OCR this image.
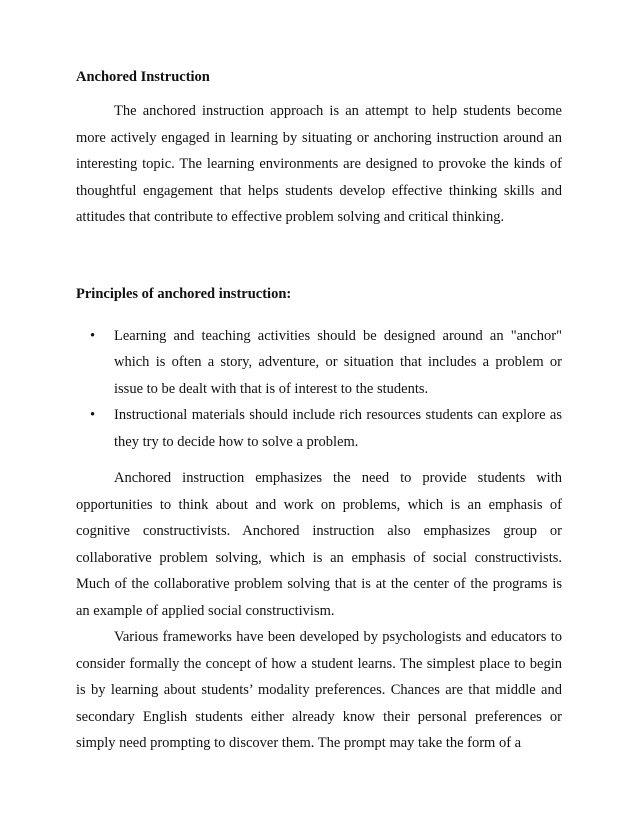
Anchored Instruction

The anchored instruction approach is an attempt to help students become more actively engaged in learning by situating or anchoring instruction around an interesting topic. The learning environments are designed to provoke the kinds of thoughtful engagement that helps students develop effective thinking skills and attitudes that contribute to effective problem solving and critical thinking.

Principles of anchored instruction:

• Learning and teaching activities should be designed around an "anchor" which is often a story, adventure, or situation that includes a problem or issue to be dealt with that is of interest to the students.
• Instructional materials should include rich resources students can explore as they try to decide how to solve a problem.

Anchored instruction emphasizes the need to provide students with opportunities to think about and work on problems, which is an emphasis of cognitive constructivists. Anchored instruction also emphasizes group or collaborative problem solving, which is an emphasis of social constructivists. Much of the collaborative problem solving that is at the center of the programs is an example of applied social constructivism.

Various frameworks have been developed by psychologists and educators to consider formally the concept of how a student learns. The simplest place to begin is by learning about students’ modality preferences. Chances are that middle and secondary English students either already know their personal preferences or simply need prompting to discover them. The prompt may take the form of a
